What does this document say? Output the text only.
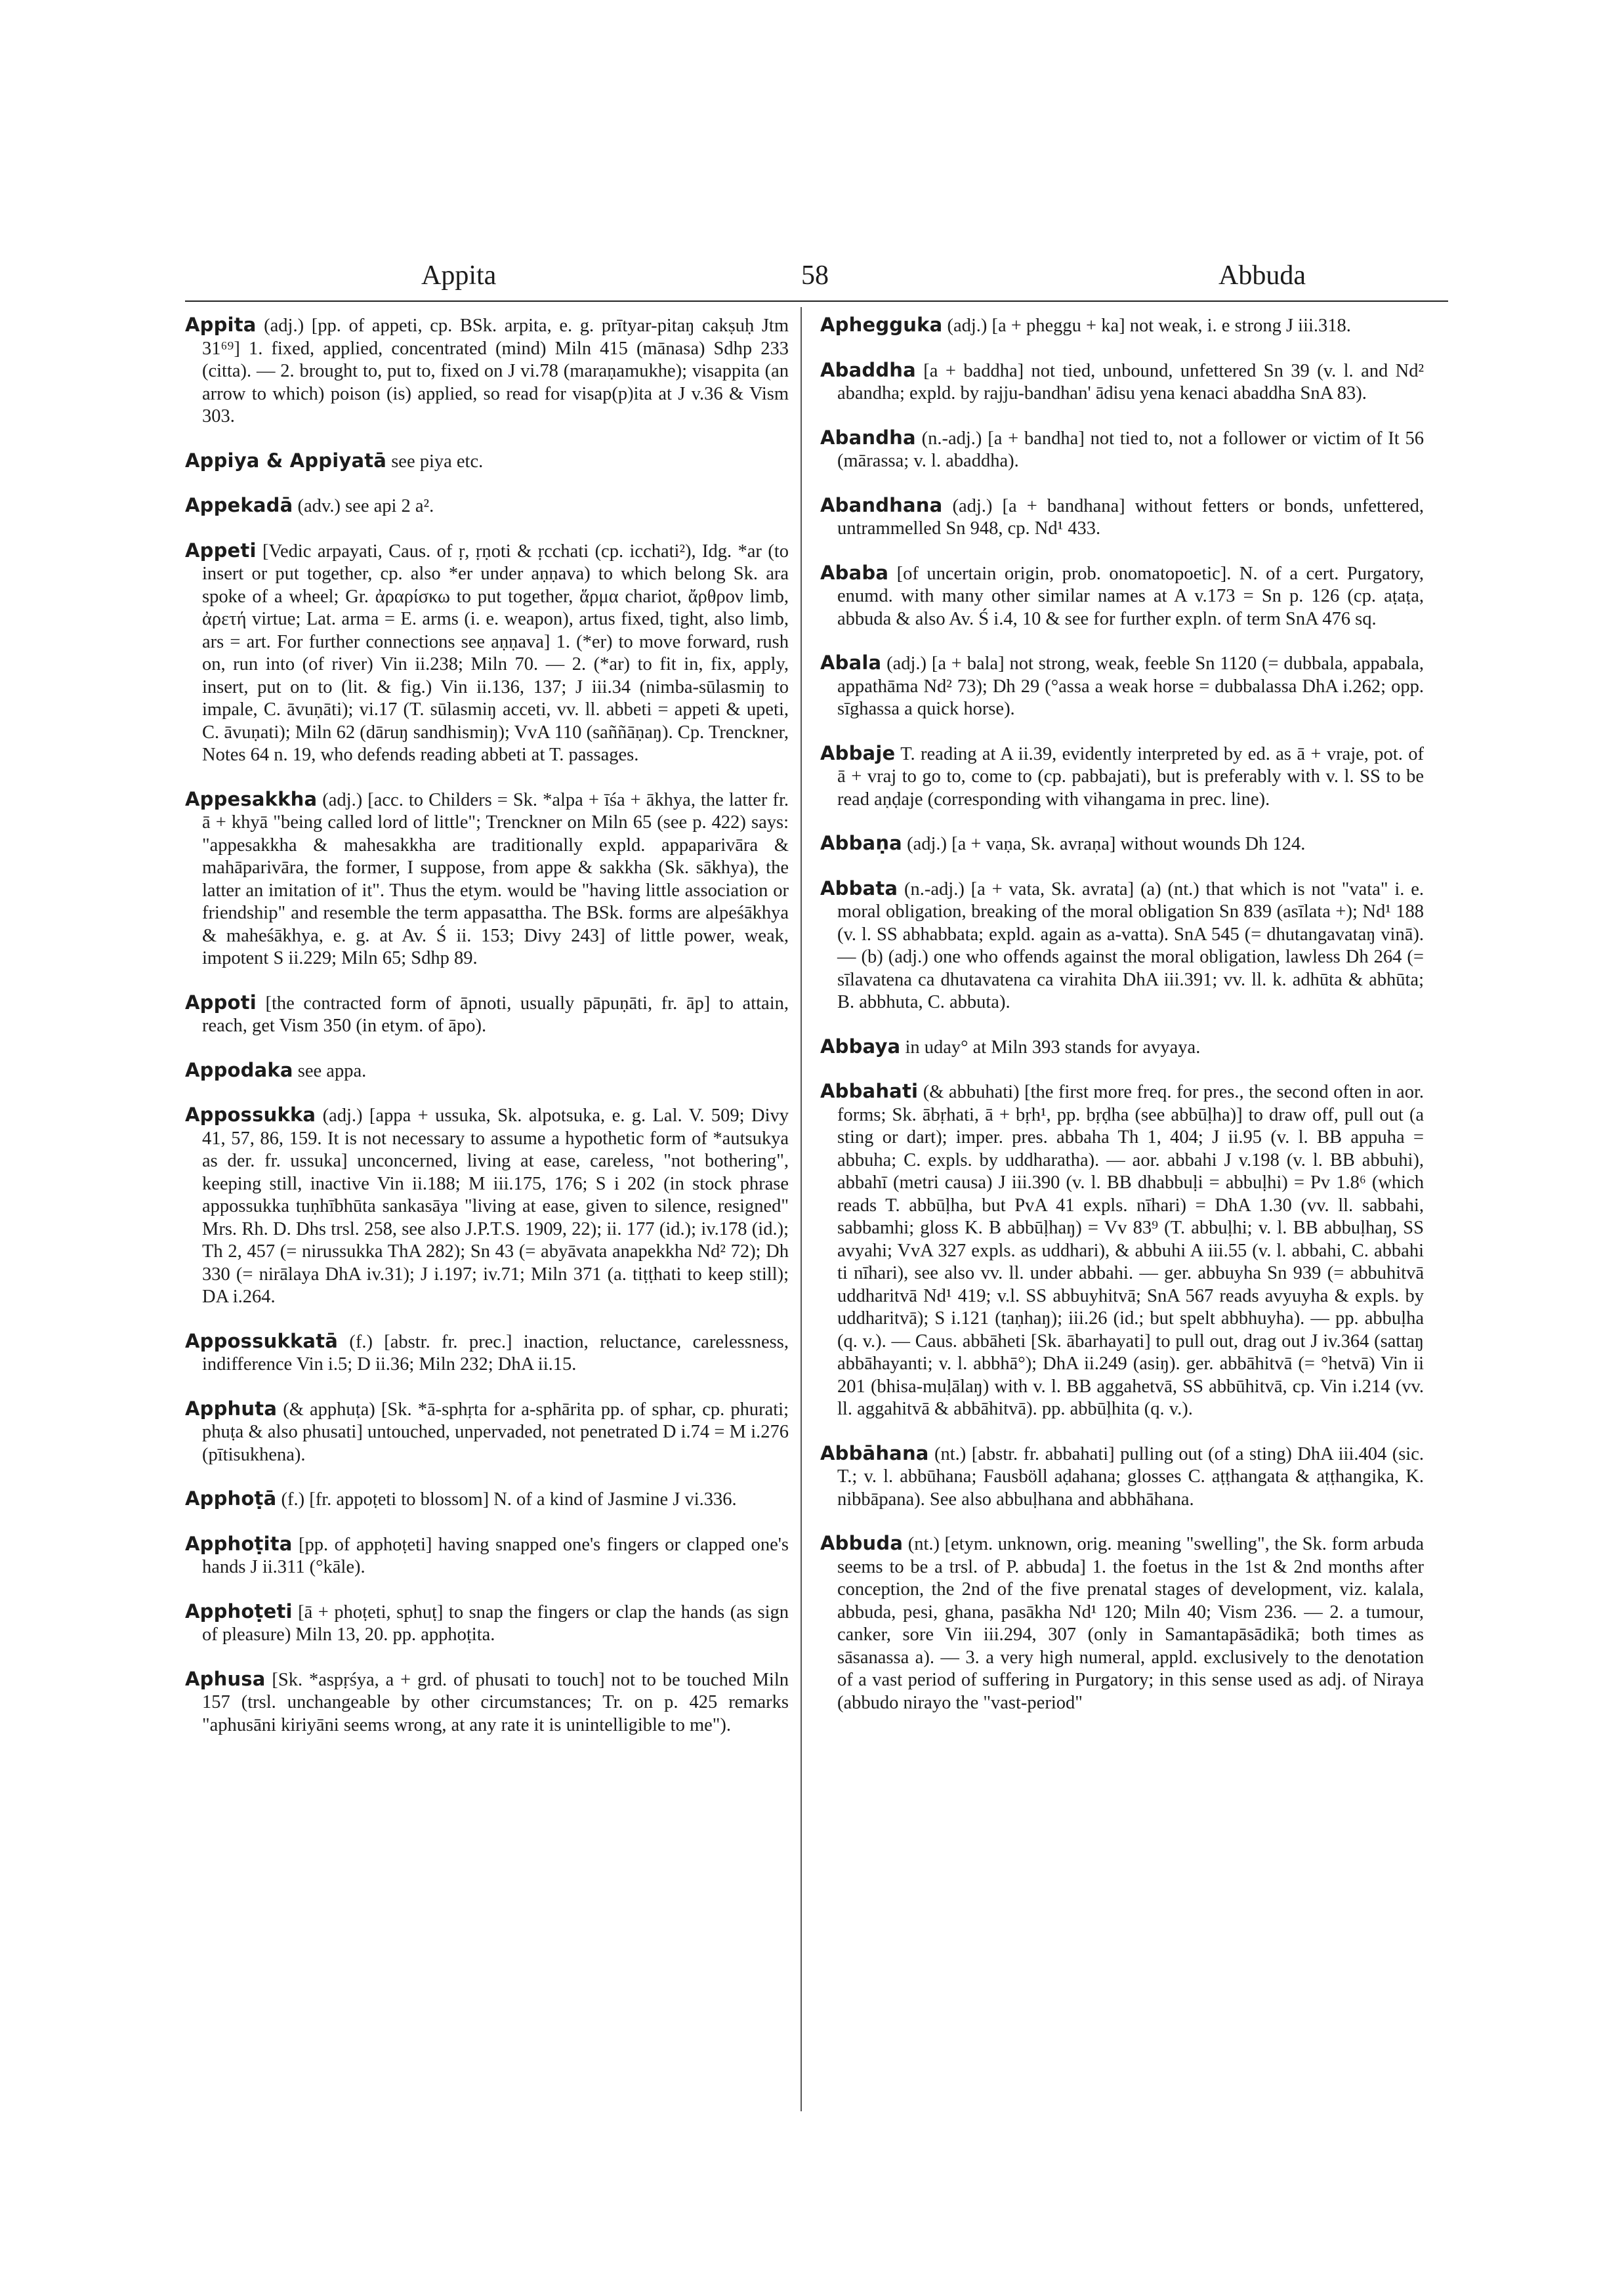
Appita	58	Abbuda

Appita (adj.) [pp. of appeti, cp. BSk. arpita, e. g. prītyar-pitaŋ cakṣuḥ Jtm 31⁶⁹] 1. fixed, applied, concentrated (mind) Miln 415 (mānasa) Sdhp 233 (citta). — 2. brought to, put to, fixed on J vi.78 (maraṇamukhe); visappita (an arrow to which) poison (is) applied, so read for visap(p)ita at J v.36 & Vism 303.

Appiya & Appiyatā see piya etc.

Appekadā (adv.) see api 2 a².

Appeti [Vedic arpayati, Caus. of ṛ, ṛṇoti & ṛcchati (cp. icchati²), Idg. *ar (to insert or put together, cp. also *er under aṇṇava) to which belong Sk. ara spoke of a wheel; Gr. ἀραρίσκω to put together, ἅρμα chariot, ἄρθρον limb, ἀρετή virtue; Lat. arma = E. arms (i. e. weapon), artus fixed, tight, also limb, ars = art. For further connections see aṇṇava] 1. (*er) to move forward, rush on, run into (of river) Vin ii.238; Miln 70. — 2. (*ar) to fit in, fix, apply, insert, put on to (lit. & fig.) Vin ii.136, 137; J iii.34 (nimba-sūlasmiŋ to impale, C. āvuṇāti); vi.17 (T. sūlasmiŋ acceti, vv. ll. abbeti = appeti & upeti, C. āvuṇati); Miln 62 (dāruŋ sandhismiŋ); VvA 110 (saññāṇaŋ). Cp. Trenckner, Notes 64 n. 19, who defends reading abbeti at T. passages.

Appesakkha (adj.) [acc. to Childers = Sk. *alpa + īśa + ākhya, the latter fr. ā + khyā "being called lord of little"; Trenckner on Miln 65 (see p. 422) says: "appesakkha & mahesakkha are traditionally expld. appaparivāra & mahāparivāra, the former, I suppose, from appe & sakkha (Sk. sākhya), the latter an imitation of it". Thus the etym. would be "having little association or friendship" and resemble the term appasattha. The BSk. forms are alpeśākhya & maheśākhya, e. g. at Av. Ś ii. 153; Divy 243] of little power, weak, impotent S ii.229; Miln 65; Sdhp 89.

Appoti [the contracted form of āpnoti, usually pāpuṇāti, fr. āp] to attain, reach, get Vism 350 (in etym. of āpo).

Appodaka see appa.

Appossukka (adj.) [appa + ussuka, Sk. alpotsuka, e. g. Lal. V. 509; Divy 41, 57, 86, 159. It is not necessary to assume a hypothetic form of *autsukya as der. fr. ussuka] unconcerned, living at ease, careless, "not bothering", keeping still, inactive Vin ii.188; M iii.175, 176; S i 202 (in stock phrase appossukka tuṇhībhūta sankasāya "living at ease, given to silence, resigned" Mrs. Rh. D. Dhs trsl. 258, see also J.P.T.S. 1909, 22); ii. 177 (id.); iv.178 (id.); Th 2, 457 (= nirussukka ThA 282); Sn 43 (= abyāvata anapekkha Nd² 72); Dh 330 (= nirālaya DhA iv.31); J i.197; iv.71; Miln 371 (a. tiṭṭhati to keep still); DA i.264.

Appossukkatā (f.) [abstr. fr. prec.] inaction, reluctance, carelessness, indifference Vin i.5; D ii.36; Miln 232; DhA ii.15.

Apphuta (& apphuṭa) [Sk. *ā-sphṛta for a-sphārita pp. of sphar, cp. phurati; phuṭa & also phusati] untouched, unpervaded, not penetrated D i.74 = M i.276 (pītisukhena).

Apphoṭā (f.) [fr. appoṭeti to blossom] N. of a kind of Jasmine J vi.336.

Apphoṭita [pp. of apphoṭeti] having snapped one's fingers or clapped one's hands J ii.311 (°kāle).

Apphoṭeti [ā + phoṭeti, sphuṭ] to snap the fingers or clap the hands (as sign of pleasure) Miln 13, 20. pp. apphoṭita.

Aphusa [Sk. *aspṛśya, a + grd. of phusati to touch] not to be touched Miln 157 (trsl. unchangeable by other circumstances; Tr. on p. 425 remarks "aphusāni kiriyāni seems wrong, at any rate it is unintelligible to me").

Aphegguka (adj.) [a + pheggu + ka] not weak, i. e strong J iii.318.

Abaddha [a + baddha] not tied, unbound, unfettered Sn 39 (v. l. and Nd² abandha; expld. by rajju-bandhan' ādisu yena kenaci abaddha SnA 83).

Abandha (n.-adj.) [a + bandha] not tied to, not a follower or victim of It 56 (mārassa; v. l. abaddha).

Abandhana (adj.) [a + bandhana] without fetters or bonds, unfettered, untrammelled Sn 948, cp. Nd¹ 433.

Ababa [of uncertain origin, prob. onomatopoetic]. N. of a cert. Purgatory, enumd. with many other similar names at A v.173 = Sn p. 126 (cp. aṭaṭa, abbuda & also Av. Ś i.4, 10 & see for further expln. of term SnA 476 sq.

Abala (adj.) [a + bala] not strong, weak, feeble Sn 1120 (= dubbala, appabala, appathāma Nd² 73); Dh 29 (°assa a weak horse = dubbalassa DhA i.262; opp. sīghassa a quick horse).

Abbaje T. reading at A ii.39, evidently interpreted by ed. as ā + vraje, pot. of ā + vraj to go to, come to (cp. pabbajati), but is preferably with v. l. SS to be read aṇḍaje (corresponding with vihangama in prec. line).

Abbaṇa (adj.) [a + vaṇa, Sk. avraṇa] without wounds Dh 124.

Abbata (n.-adj.) [a + vata, Sk. avrata] (a) (nt.) that which is not "vata" i. e. moral obligation, breaking of the moral obligation Sn 839 (asīlata +); Nd¹ 188 (v. l. SS abhabbata; expld. again as a-vatta). SnA 545 (= dhutangavataŋ vinā). — (b) (adj.) one who offends against the moral obligation, lawless Dh 264 (= sīlavatena ca dhutavatena ca virahita DhA iii.391; vv. ll. k. adhūta & abhūta; B. abbhuta, C. abbuta).

Abbaya in uday° at Miln 393 stands for avyaya.

Abbahati (& abbuhati) [the first more freq. for pres., the second often in aor. forms; Sk. ābṛhati, ā + bṛh¹, pp. bṛḍha (see abbūḷha)] to draw off, pull out (a sting or dart); imper. pres. abbaha Th 1, 404; J ii.95 (v. l. BB appuha = abbuha; C. expls. by uddharatha). — aor. abbahi J v.198 (v. l. BB abbuhi), abbahī (metri causa) J iii.390 (v. l. BB dhabbuḷi = abbuḷhi) = Pv 1.8⁶ (which reads T. abbūḷha, but PvA 41 expls. nīhari) = DhA 1.30 (vv. ll. sabbahi, sabbamhi; gloss K. B abbūḷhaŋ) = Vv 83⁹ (T. abbuḷhi; v. l. BB abbuḷhaŋ, SS avyahi; VvA 327 expls. as uddhari), & abbuhi A iii.55 (v. l. abbahi, C. abbahi ti nīhari), see also vv. ll. under abbahi. — ger. abbuyha Sn 939 (= abbuhitvā uddharitvā Nd¹ 419; v.l. SS abbuyhitvā; SnA 567 reads avyuyha & expls. by uddharitvā); S i.121 (taṇhaŋ); iii.26 (id.; but spelt abbhuyha). — pp. abbuḷha (q. v.). — Caus. abbāheti [Sk. ābarhayati] to pull out, drag out J iv.364 (sattaŋ abbāhayanti; v. l. abbhā°); DhA ii.249 (asiŋ). ger. abbāhitvā (= °hetvā) Vin ii 201 (bhisa-muḷālaŋ) with v. l. BB aggahetvā, SS abbūhitvā, cp. Vin i.214 (vv. ll. aggahitvā & abbāhitvā). pp. abbūḷhita (q. v.).

Abbāhana (nt.) [abstr. fr. abbahati] pulling out (of a sting) DhA iii.404 (sic. T.; v. l. abbūhana; Fausböll aḍahana; glosses C. aṭṭhangata & aṭṭhangika, K. nibbāpana). See also abbuḷhana and abbhāhana.

Abbuda (nt.) [etym. unknown, orig. meaning "swelling", the Sk. form arbuda seems to be a trsl. of P. abbuda] 1. the foetus in the 1st & 2nd months after conception, the 2nd of the five prenatal stages of development, viz. kalala, abbuda, pesi, ghana, pasākha Nd¹ 120; Miln 40; Vism 236. — 2. a tumour, canker, sore Vin iii.294, 307 (only in Samantapāsādikā; both times as sāsanassa a). — 3. a very high numeral, appld. exclusively to the denotation of a vast period of suffering in Purgatory; in this sense used as adj. of Niraya (abbudo nirayo the "vast-period"
